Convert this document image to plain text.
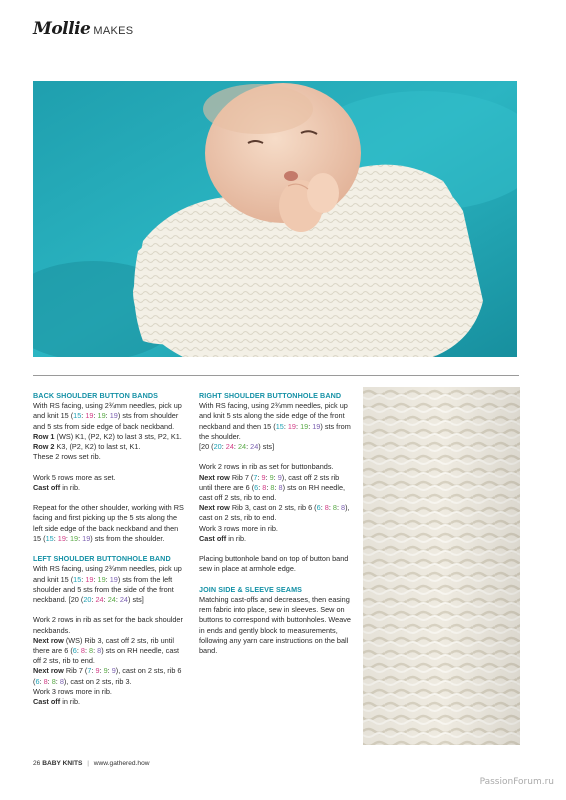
Mollie MAKES

BACK SHOULDER BUTTON BANDS

With RS facing, using 2¾mm needles, pick up and knit 15 (15: 19: 19: 19) sts from shoulder and 5 sts from side edge of back neckband.

Row 1 (WS) K1, (P2, K2) to last 3 sts, P2, K1.

Row 2 K3, (P2, K2) to last st, K1.

These 2 rows set rib.

Work 5 rows more as set.

Cast off in rib.

Repeat for the other shoulder, working with RS facing and first picking up the 5 sts along the left side edge of the back neckband and then 15 (15: 19: 19: 19) sts from the shoulder.

LEFT SHOULDER BUTTONHOLE BAND

With RS facing, using 2¾mm needles, pick up and knit 15 (15: 19: 19: 19) sts from the left shoulder and 5 sts from the side of the front neckband. [20 (20: 24: 24: 24) sts]

Work 2 rows in rib as set for the back shoulder neckbands.

Next row (WS) Rib 3, cast off 2 sts, rib until there are 6 (6: 8: 8: 8) sts on RH needle, cast off 2 sts, rib to end.

Next row Rib 7 (7: 9: 9: 9), cast on 2 sts, rib 6 (6: 8: 8: 8), cast on 2 sts, rib 3.

Work 3 rows more in rib.

Cast off in rib.

RIGHT SHOULDER BUTTONHOLE BAND

With RS facing, using 2¾mm needles, pick up and knit 5 sts along the side edge of the front neckband and then 15 (15: 19: 19: 19) sts from the shoulder.

[20 (20: 24: 24: 24) sts]

Work 2 rows in rib as set for buttonbands.

Next row Rib 7 (7: 9: 9: 9), cast off 2 sts rib until there are 6 (6: 8: 8: 8) sts on RH needle, cast off 2 sts, rib to end.

Next row Rib 3, cast on 2 sts, rib 6 (6: 8: 8: 8), cast on 2 sts, rib to end.

Work 3 rows more in rib.

Cast off in rib.

Placing buttonhole band on top of button band sew in place at armhole edge.

JOIN SIDE & SLEEVE SEAMS

Matching cast-offs and decreases, then easing rem fabric into place, sew in sleeves. Sew on buttons to correspond with buttonholes. Weave in ends and gently block to measurements, following any yarn care instructions on the ball band.

26 BABY KNITS | www.gathered.how
PassionForum.ru
